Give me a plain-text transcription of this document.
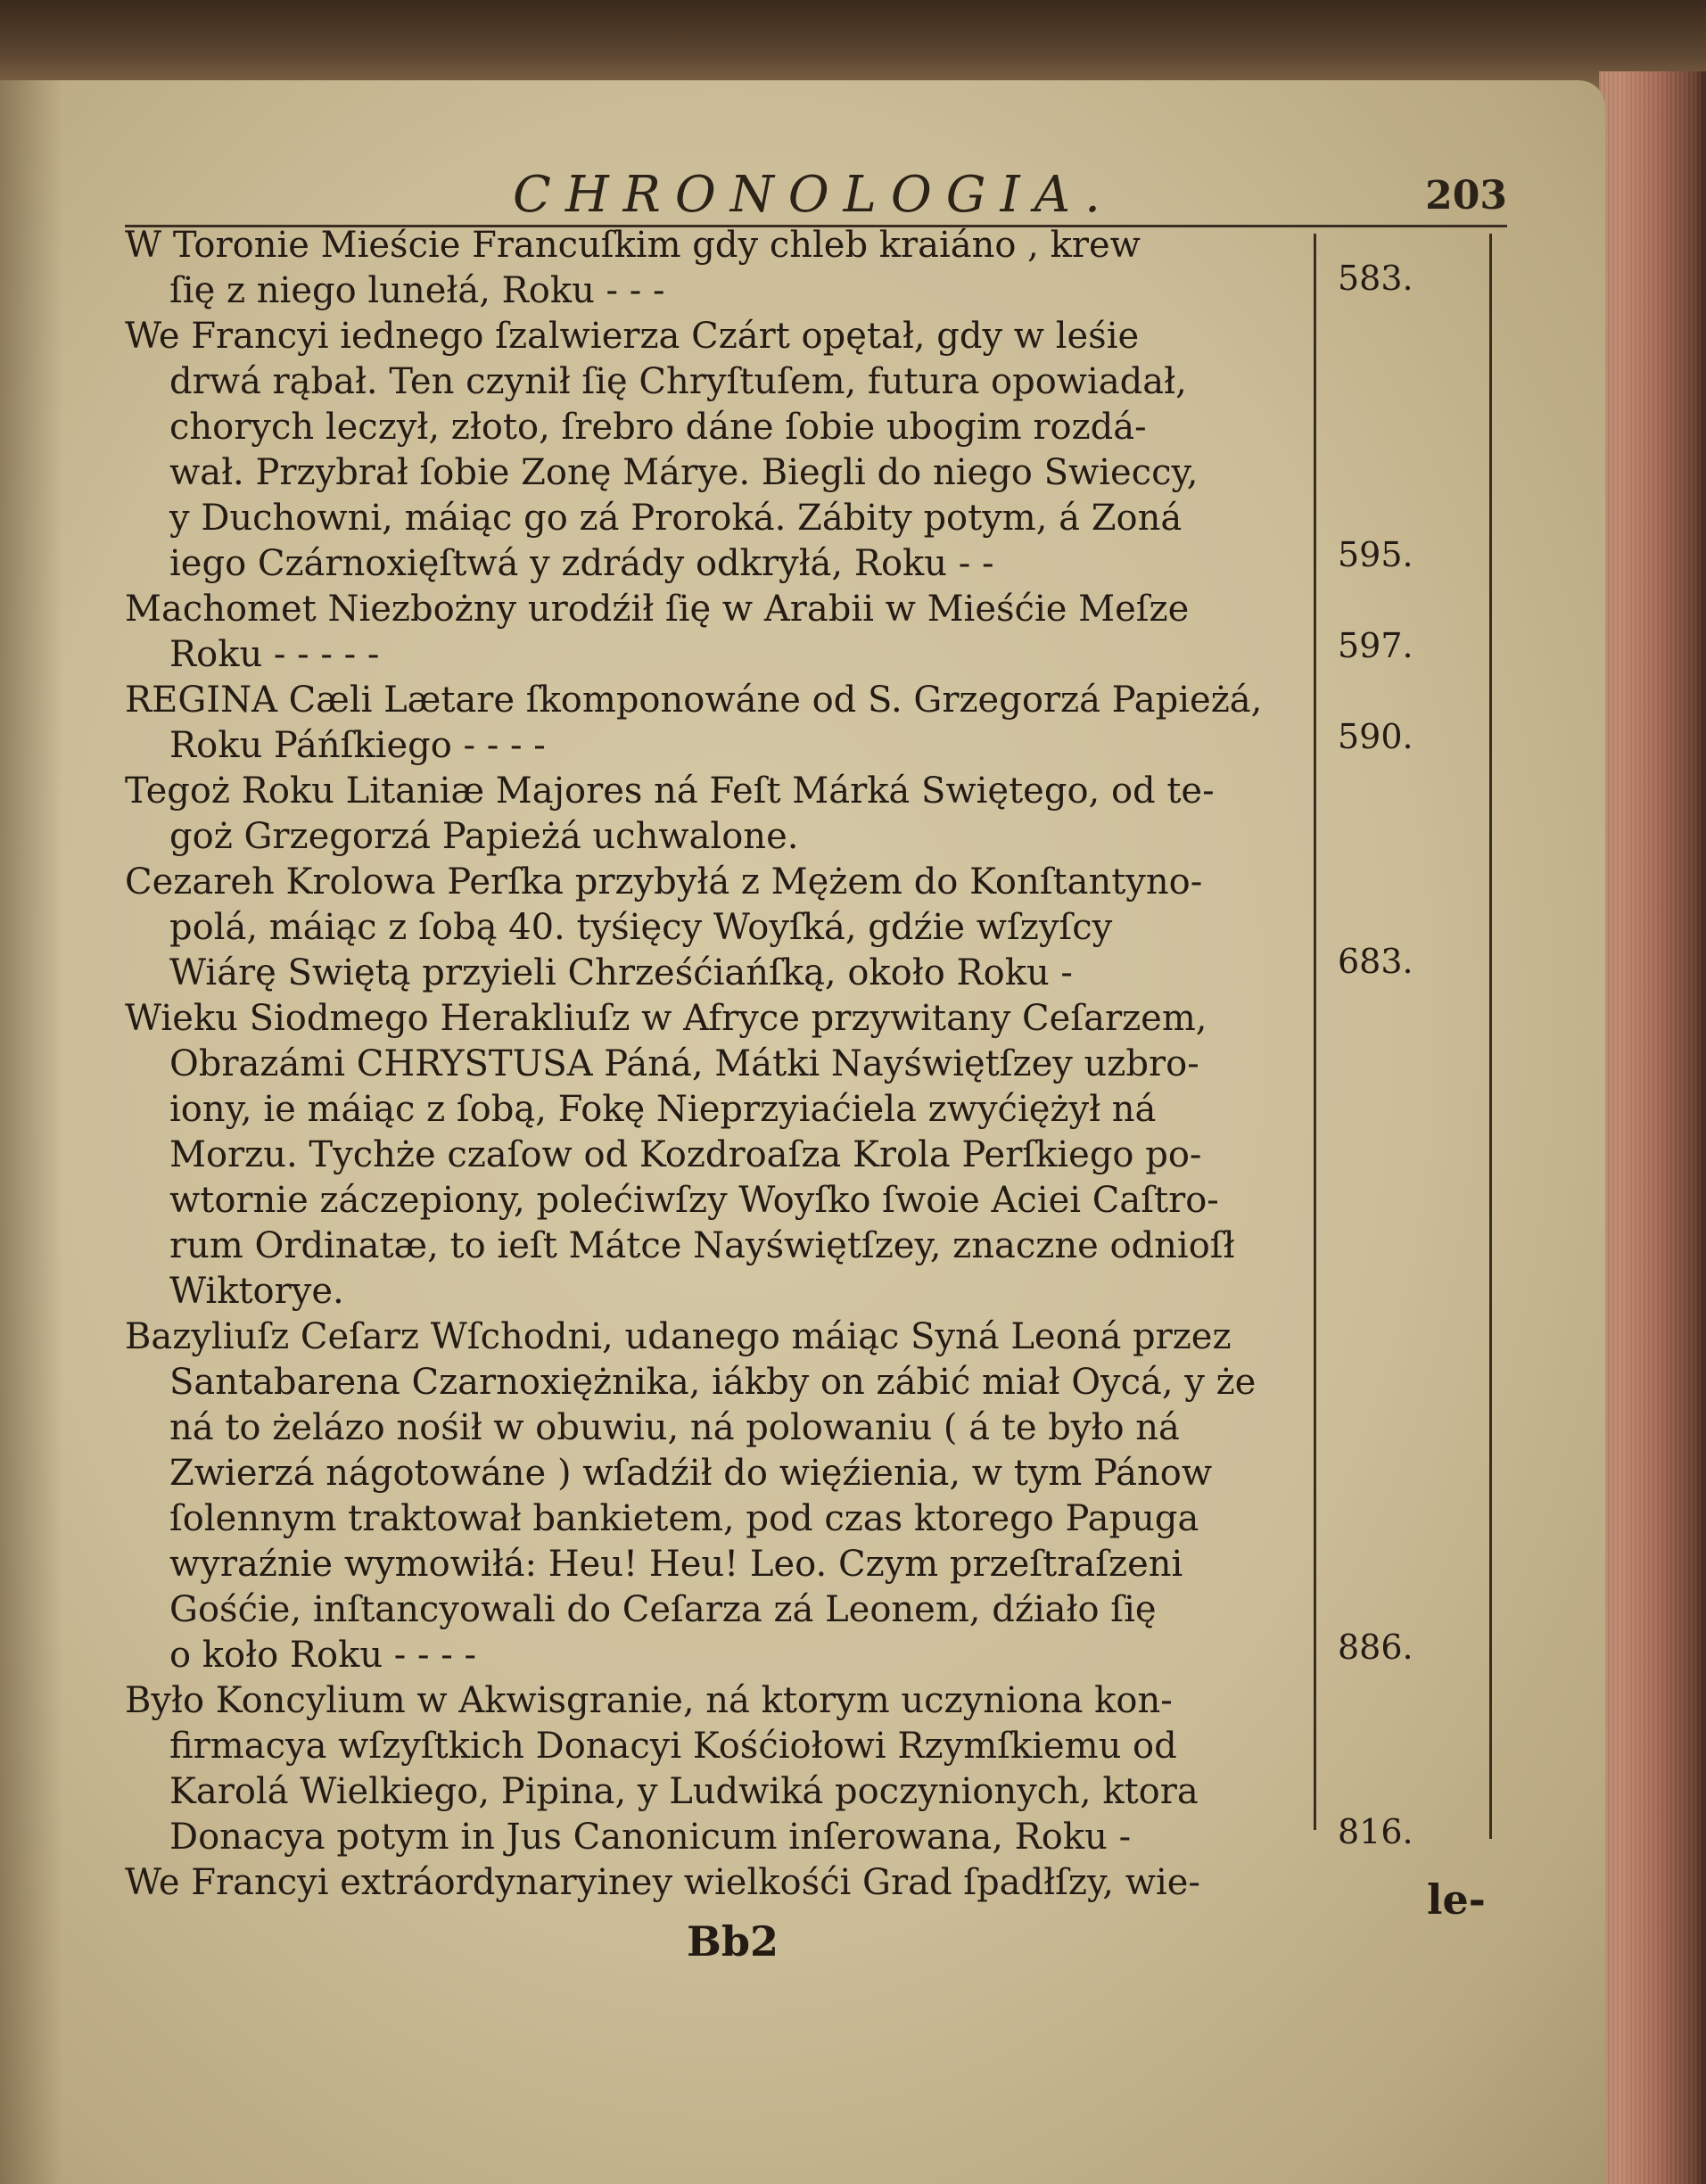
CHRONOLOGIA.	203
W Toronie Mieście Francuſkim gdy chleb kraiáno , krew
ſię z niego lunełá, Roku - - -
We Francyi iednego ſzalwierza Czárt opętał, gdy w leśie
drwá rąbał. Ten czynił ſię Chryſtuſem, futura opowiadał,
chorych leczył, złoto, ſrebro dáne ſobie ubogim rozdá-
wał. Przybrał ſobie Zonę Márye. Biegli do niego Swieccy,
y Duchowni, máiąc go zá Proroká. Zábity potym, á Zoná
iego Czárnoxięſtwá y zdrády odkryłá, Roku - -
Machomet Niezbożny urodźił ſię w Arabii w Mieśćie Meſze
Roku - - - - -
REGINA Cæli Lætare ſkomponowáne od S. Grzegorzá Papieżá,
Roku Páńſkiego - - - -
Tegoż Roku Litaniæ Majores ná Feſt Márká Swiętego, od te-
goż Grzegorzá Papieżá uchwalone.
Cezareh Krolowa Perſka przybyłá z Mężem do Konſtantyno-
polá, máiąc z ſobą 40. tyśięcy Woyſká, gdźie wſzyſcy
Wiárę Swiętą przyieli Chrześćiańſką, około Roku -
Wieku Siodmego Herakliuſz w Afryce przywitany Ceſarzem,
Obrazámi CHRYSTUSA Páná, Mátki Nayświętſzey uzbro-
iony, ie máiąc z ſobą, Fokę Nieprzyiaćiela zwyćiężył ná
Morzu. Tychże czaſow od Kozdroaſza Krola Perſkiego po-
wtornie záczepiony, polećiwſzy Woyſko ſwoie Aciei Caſtro-
rum Ordinatæ, to ieſt Mátce Nayświętſzey, znaczne odnioſł
Wiktorye.
Bazyliuſz Ceſarz Wſchodni, udanego máiąc Syná Leoná przez
Santabarena Czarnoxiężnika, iákby on zábić miał Oycá, y że
ná to żelázo nośił w obuwiu, ná polowaniu ( á te było ná
Zwierzá nágotowáne ) wſadźił do więźienia, w tym Pánow
ſolennym traktował bankietem, pod czas ktorego Papuga
wyraźnie wymowiłá: Heu! Heu! Leo. Czym przeſtraſzeni
Gośćie, inſtancyowali do Ceſarza zá Leonem, dźiało ſię
o koło Roku - - - -
Było Koncylium w Akwisgranie, ná ktorym uczyniona kon-
firmacya wſzyſtkich Donacyi Kośćiołowi Rzymſkiemu od
Karolá Wielkiego, Pipina, y Ludwiká poczynionych, ktora
Donacya potym in Jus Canonicum inſerowana, Roku -
We Francyi extráordynaryiney wielkośći Grad ſpadłſzy, wie-
583.
595.
597.
590.
683.
886.
816.
Bb2
le-
